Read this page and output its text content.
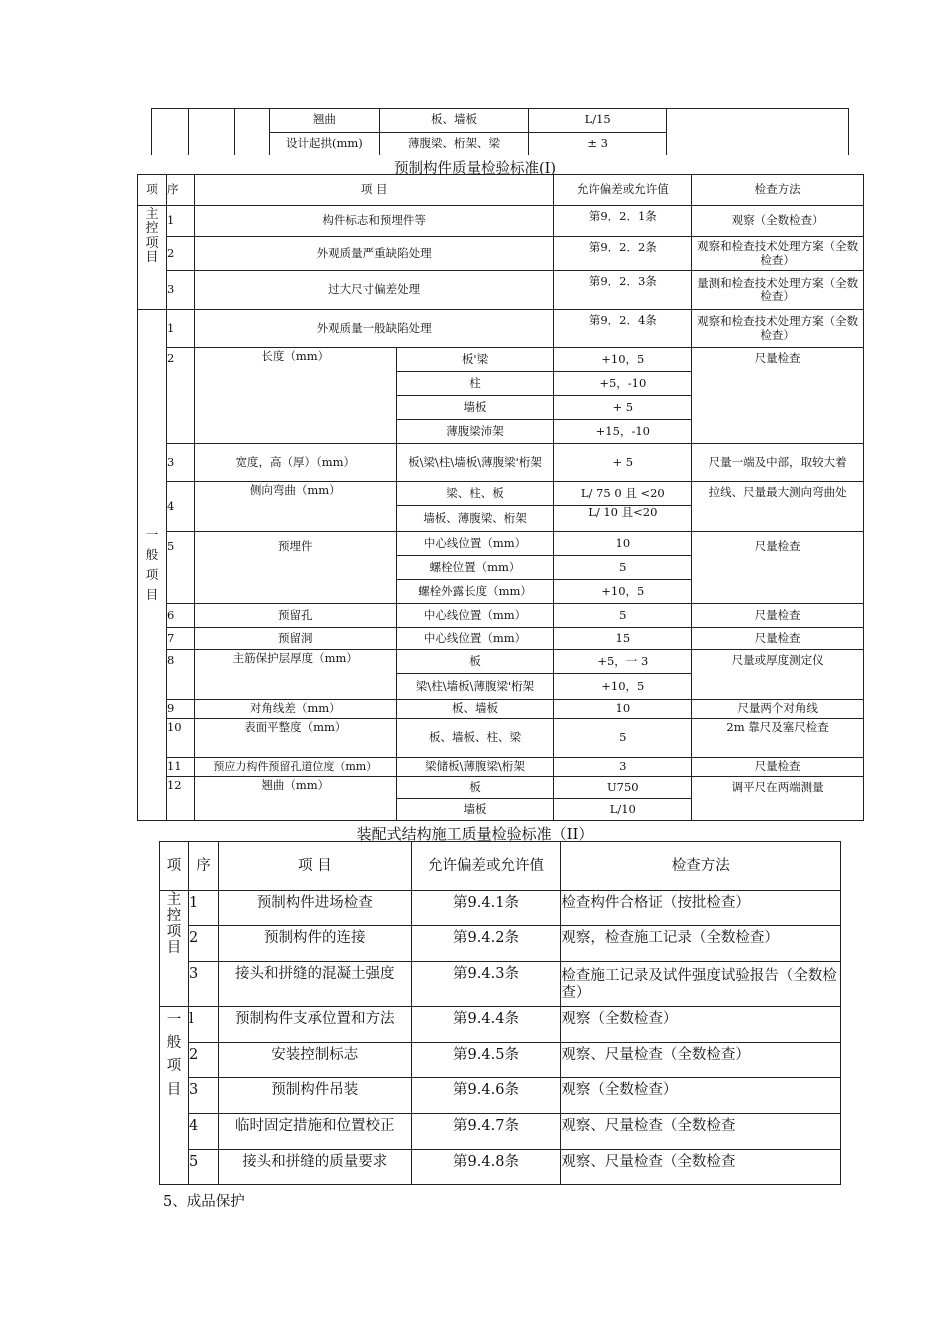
翘曲	板、墙板	L/15
设计起拱(mm)	薄腹梁、桁架、梁	± 3
预制构件质量检验标准(I)
项	序	项 目		允许偏差或允许值	检查方法

主控项目	1	构件标志和预埋件等		第9．2．1条	观察（全数检查）
	2	外观质量严重缺陷处理		第9．2．2条	观察和检查技术处理方案（全数检查）
	3	过大尺寸偏差处理		第9．2．3条	量测和检查技术处理方案（全数检查）

一般项目	1	外观质量一般缺陷处理		第9．2．4条	观察和检查技术处理方案（全数检查）
	2	长度（mm）	板'梁	+10，5	尺量检查
			柱	+5，-10	
			墙板	+ 5	
			薄腹梁沛架	+15，-10	
	3	宽度，高（厚）（mm）	板\梁\柱\墙板\薄腹梁'桁架	+ 5	尺量一端及中部，取较大着
	4	侧向弯曲（mm）	梁、柱、板	L/ 75 0 且 <20	拉线、尺量最大测向弯曲处
			墙板、薄腹梁、桁架	L/ 10 且<20	
	5	预埋件	中心线位置（mm）	10	尺量检查
			螺栓位置（mm）	5	
			螺栓外露长度（mm）	+10，5	
	6	预留孔	中心线位置（mm）	5	尺量检查
	7	预留洞	中心线位置（mm）	15	尺量检查
	8	主筋保护层厚度（mm）	板	+5，一 3	尺量或厚度测定仪
			梁\柱\墙板\薄腹梁'桁架	+10，5	
	9	对角线差（mm）	板、墙板	10	尺量两个对角线
	10	表面平整度（mm）	板、墙板、柱、梁	5	2m 靠尺及塞尺检查
	11	预应力构件预留孔道位度（mm）	梁储板\薄腹梁\桁架	3	尺量检查
	12	翘曲（mm）	板	U750	调平尺在两端测量
			墙板	L/10	
装配式结构施工质量检验标准（II）
项	序	项 目	允许偏差或允许值	检查方法

主控项目	1	预制构件进场检查	第9.4.1条	检查构件合格证（按批检查）
	2	预制构件的连接	第9.4.2条	观察，检查施工记录（全数检查）
	3	接头和拼缝的混凝土强度	第9.4.3条	检查施工记录及试件强度试验报告（全数检查）

一般项目	l	预制构件支承位置和方法	第9.4.4条	观察（全数检查）
	2	安装控制标志	第9.4.5条	观察、尺量检查（全数检查）
	3	预制构件吊装	第9.4.6条	观察（全数检查）
	4	临时固定措施和位置校正	第9.4.7条	观察、尺量检查（全数检查
	5	接头和拼缝的质量要求	第9.4.8条	观察、尺量检查（全数检查
5、成品保护
